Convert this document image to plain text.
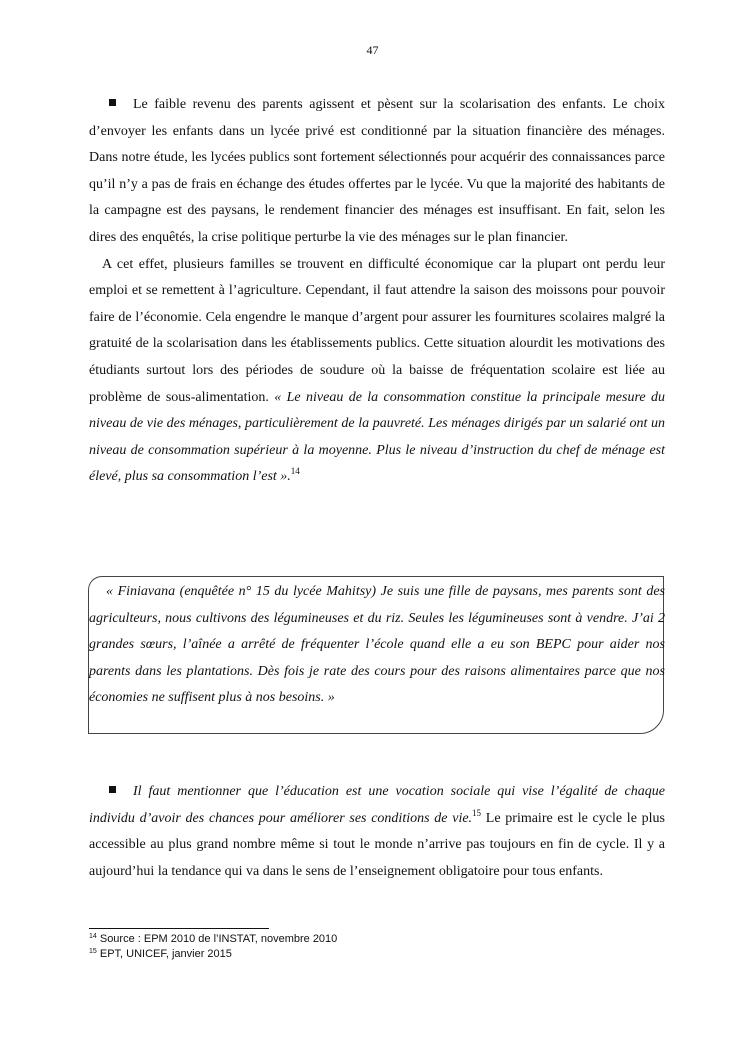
47

Le faible revenu des parents agissent et pèsent sur la scolarisation des enfants. Le choix d’envoyer les enfants dans un lycée privé est conditionné par la situation financière des ménages. Dans notre étude, les lycées publics sont fortement sélectionnés pour acquérir des connaissances parce qu’il n’y a pas de frais en échange des études offertes par le lycée. Vu que la majorité des habitants de la campagne est des paysans, le rendement financier des ménages est insuffisant. En fait, selon les dires des enquêtés, la crise politique perturbe la vie des ménages sur le plan financier.

A cet effet, plusieurs familles se trouvent en difficulté économique car la plupart ont perdu leur emploi et se remettent à l’agriculture. Cependant, il faut attendre la saison des moissons pour pouvoir faire de l’économie. Cela engendre le manque d’argent pour assurer les fournitures scolaires malgré la gratuité de la scolarisation dans les établissements publics. Cette situation alourdit les motivations des étudiants surtout lors des périodes de soudure où la baisse de fréquentation scolaire est liée au problème de sous-alimentation. « Le niveau de la consommation constitue la principale mesure du niveau de vie des ménages, particulièrement de la pauvreté. Les ménages dirigés par un salarié ont un niveau de consommation supérieur à la moyenne. Plus le niveau d’instruction du chef de ménage est élevé, plus sa consommation l’est ».$^{14}$

« Finiavana (enquêtée n° 15 du lycée Mahitsy) Je suis une fille de paysans, mes parents sont des agriculteurs, nous cultivons des légumineuses et du riz. Seules les légumineuses sont à vendre. J’ai 2 grandes sœurs, l’aînée a arrêté de fréquenter l’école quand elle a eu son BEPC pour aider nos parents dans les plantations. Dès fois je rate des cours pour des raisons alimentaires parce que nos économies ne suffisent plus à nos besoins. »

Il faut mentionner que l’éducation est une vocation sociale qui vise l’égalité de chaque individu d’avoir des chances pour améliorer ses conditions de vie.$^{15}$ Le primaire est le cycle le plus accessible au plus grand nombre même si tout le monde n’arrive pas toujours en fin de cycle. Il y a aujourd’hui la tendance qui va dans le sens de l’enseignement obligatoire pour tous enfants.

$^{14}$ Source : EPM 2010 de l’INSTAT, novembre 2010
$^{15}$ EPT, UNICEF, janvier 2015
